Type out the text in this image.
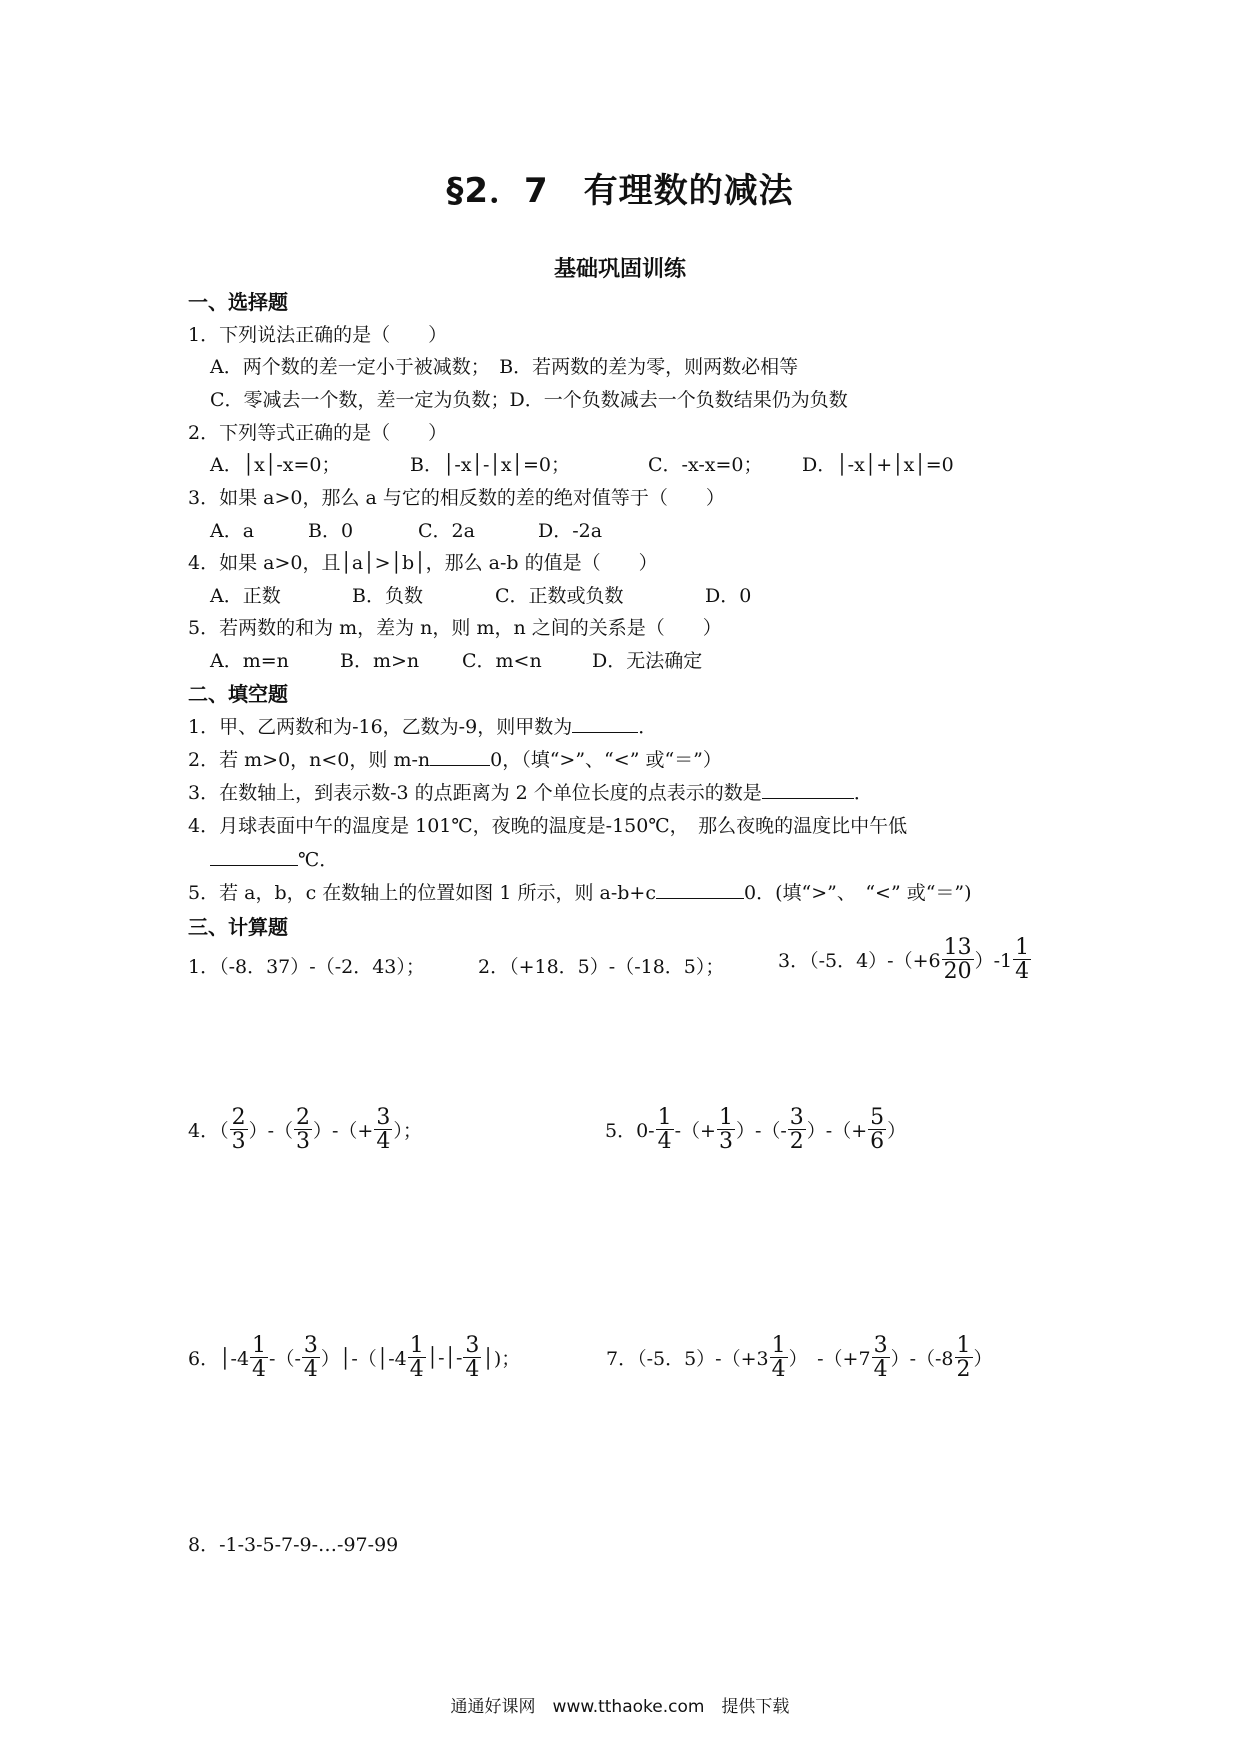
§2．7　有理数的减法
基础巩固训练
一、选择题
1．下列说法正确的是（　　）
A．两个数的差一定小于被减数；　B．若两数的差为零，则两数必相等
C．零减去一个数，差一定为负数；D．一个负数减去一个负数结果仍为负数
2．下列等式正确的是（　　）
A．│x│-x=0；	B．│-x│-│x│=0；	C．-x-x=0； D．│-x│+│x│=0
3．如果 a>0，那么 a 与它的相反数的差的绝对值等于（　　）
A．a	B．0	C．2a	D．-2a
4．如果 a>0，且│a│>│b│，那么 a-b 的值是（　　）
A．正数	B．负数	C．正数或负数	D．0
5．若两数的和为 m，差为 n，则 m，n 之间的关系是（　　）
A．m=n	B．m>n C．m<n	D．无法确定
二、填空题
1．甲、乙两数和为-16，乙数为-9，则甲数为	．
2．若 m>0，n<0，则 m-n	0，（填“>”、“<” 或“＝”）
3．在数轴上，到表示数-3 的点距离为 2 个单位长度的点表示的数是	．
4．月球表面中午的温度是 101℃，夜晚的温度是-150℃，　那么夜晚的温度比中午低
℃．
5．若 a，b，c 在数轴上的位置如图 1 所示，则 a-b+c	0．(填“>”、　“<” 或“＝”)
三、计算题
1．（-8．37）-（-2．43）；	2．（+18．5）-（-18．5）；	3．（-5．$4)-(+6 \frac{13}{20} )-1 \frac{1}{4}$
4．（ $\frac{2}{3}$ ）-（ $\frac{2}{3}$ ）-（+ $\frac{3}{4}$ ）；	5．$0- \frac{1}{4}$ -（+ $\frac{1}{3}$ ）-（- $\frac{3}{2}$ ）-（+ $\frac{5}{6}$ ）
6．│-4 $\frac{1}{4}$ -（- $\frac{3}{4}$ ）│-（│-4 $\frac{1}{4}$ │-│- $\frac{3}{4}$ │)；	7．（-5．$5)-(+3 \frac{1}{4}$ ）　$-(+7 \frac{3}{4} )-(-8 \frac{1}{2}$ ）
8．-1-3-5-7-9-…-97-99
通通好课网　www.tthaoke.com　提供下载
